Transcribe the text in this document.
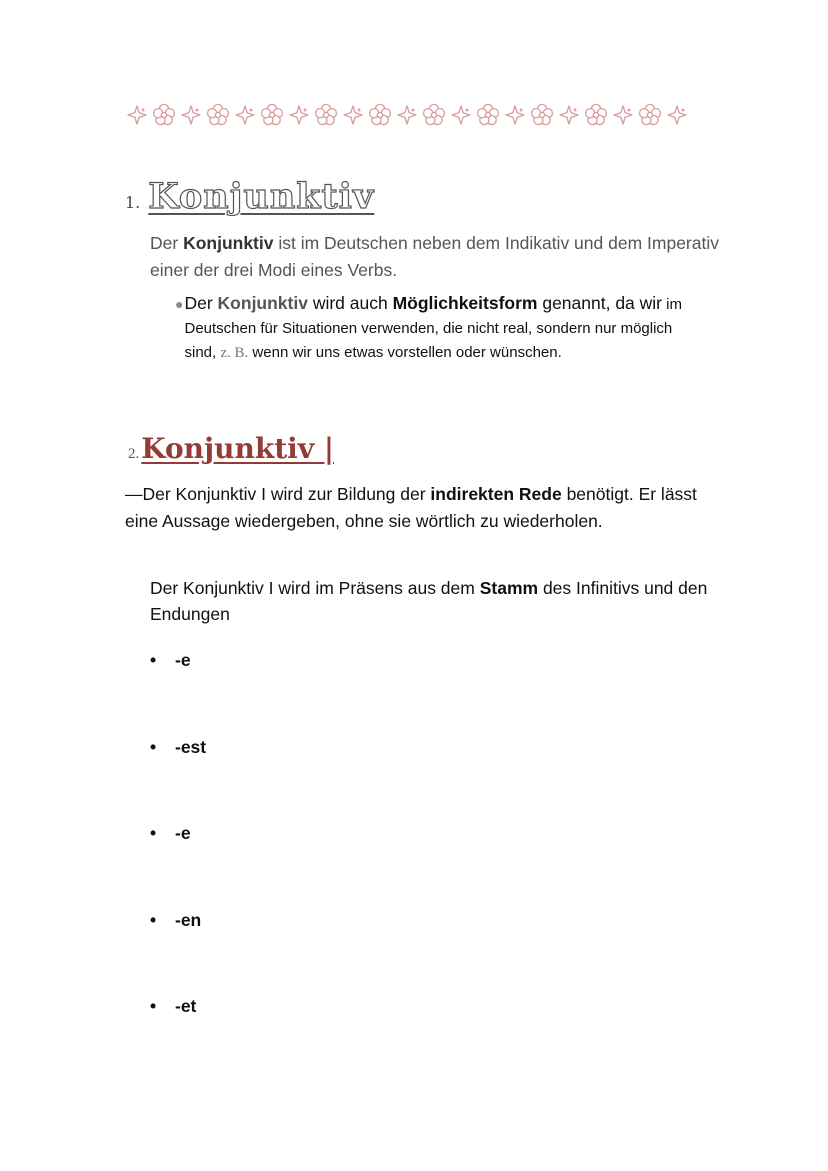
1. Konjunktiv

Der Konjunktiv ist im Deutschen neben dem Indikativ und dem Imperativ einer der drei Modi eines Verbs.

● Der Konjunktiv wird auch Möglichkeitsform genannt, da wir im Deutschen für Situationen verwenden, die nicht real, sondern nur möglich sind, z. B. wenn wir uns etwas vorstellen oder wünschen.
2. Konjunktiv |

—Der Konjunktiv I wird zur Bildung der indirekten Rede benötigt. Er lässt eine Aussage wiedergeben, ohne sie wörtlich zu wiederholen.

Der Konjunktiv I wird im Präsens aus dem Stamm des Infinitivs und den Endungen

•	-e
•	-est
•	-e
•	-en
•	-et
